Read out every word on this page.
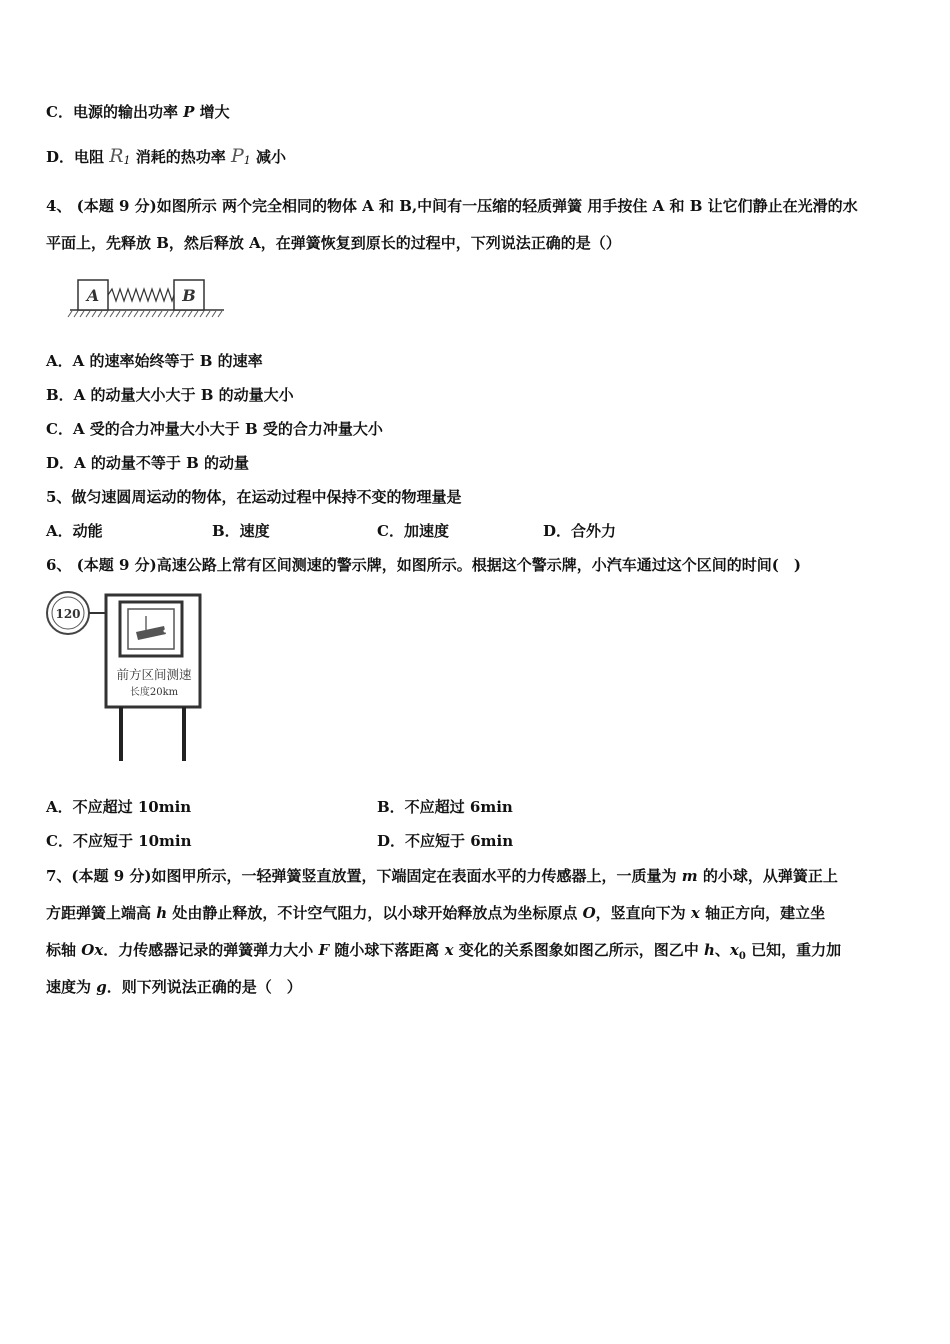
C．电源的输出功率 P 增大
D．电阻 R1 消耗的热功率 P1 减小
4、 (本题 9 分)如图所示 两个完全相同的物体 A 和 B,中间有一压缩的轻质弹簧 用手按住 A 和 B 让它们静止在光滑的水
平面上，先释放 B，然后释放 A，在弹簧恢复到原长的过程中，下列说法正确的是（）
A	B
A．A 的速率始终等于 B 的速率
B．A 的动量大小大于 B 的动量大小
C．A 受的合力冲量大小大于 B 受的合力冲量大小
D．A 的动量不等于 B 的动量
5、做匀速圆周运动的物体，在运动过程中保持不变的物理量是
A．动能	B．速度	C．加速度	D．合外力
6、 (本题 9 分)高速公路上常有区间测速的警示牌，如图所示。根据这个警示牌，小汽车通过这个区间的时间(　)
120
前方区间测速
长度20km
A．不应超过 10min	B．不应超过 6min
C．不应短于 10min	D．不应短于 6min
7、(本题 9 分)如图甲所示，一轻弹簧竖直放置，下端固定在表面水平的力传感器上，一质量为 m 的小球，从弹簧正上
方距弹簧上端高 h 处由静止释放，不计空气阻力，以小球开始释放点为坐标原点 O，竖直向下为 x 轴正方向，建立坐
标轴 Ox．力传感器记录的弹簧弹力大小 F 随小球下落距离 x 变化的关系图象如图乙所示，图乙中 h、$x_0$ 已知，重力加
速度为 g．则下列说法正确的是（　）
